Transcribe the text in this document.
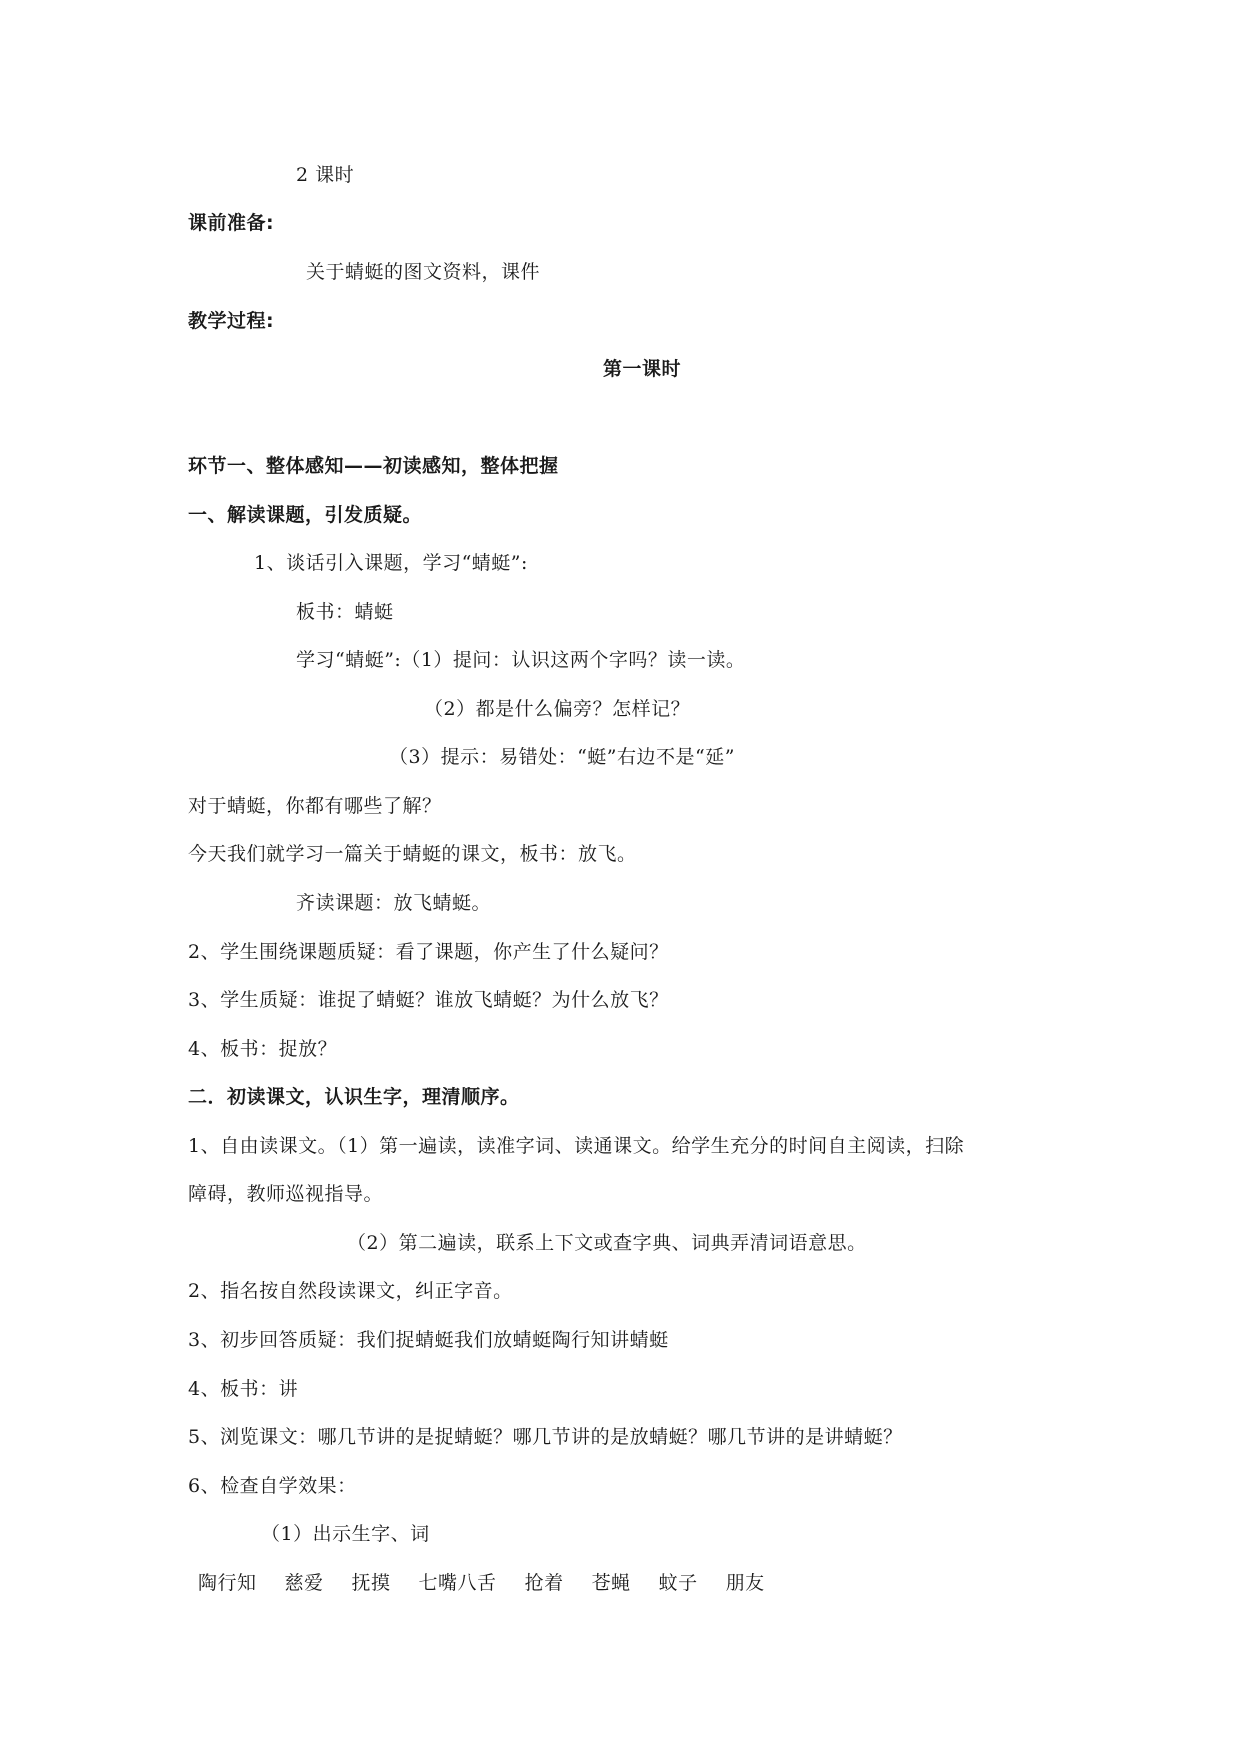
2 课时
课前准备:
关于蜻蜓的图文资料，课件
教学过程:
第一课时
环节一、整体感知——初读感知，整体把握
一、解读课题，引发质疑。
1、谈话引入课题，学习“蜻蜓”:
板书：蜻蜓
学习“蜻蜓”:（1）提问：认识这两个字吗？读一读。
（2）都是什么偏旁？怎样记？
（3）提示：易错处：“蜓”右边不是“延”
对于蜻蜓，你都有哪些了解？
今天我们就学习一篇关于蜻蜓的课文，板书：放飞。
齐读课题：放飞蜻蜓。
2、学生围绕课题质疑：看了课题，你产生了什么疑问？
3、学生质疑：谁捉了蜻蜓？谁放飞蜻蜓？为什么放飞？
4、板书：捉放？
二．初读课文，认识生字，理清顺序。
1、自由读课文。（1）第一遍读，读准字词、读通课文。给学生充分的时间自主阅读，扫除
障碍，教师巡视指导。
（2）第二遍读，联系上下文或查字典、词典弄清词语意思。
2、指名按自然段读课文，纠正字音。
3、初步回答质疑：我们捉蜻蜓我们放蜻蜓陶行知讲蜻蜓
4、板书：讲
5、浏览课文：哪几节讲的是捉蜻蜓？哪几节讲的是放蜻蜓？哪几节讲的是讲蜻蜓？
6、检查自学效果：
（1）出示生字、词
陶行知 慈爱 抚摸 七嘴八舌 抢着 苍蝇 蚊子 朋友
